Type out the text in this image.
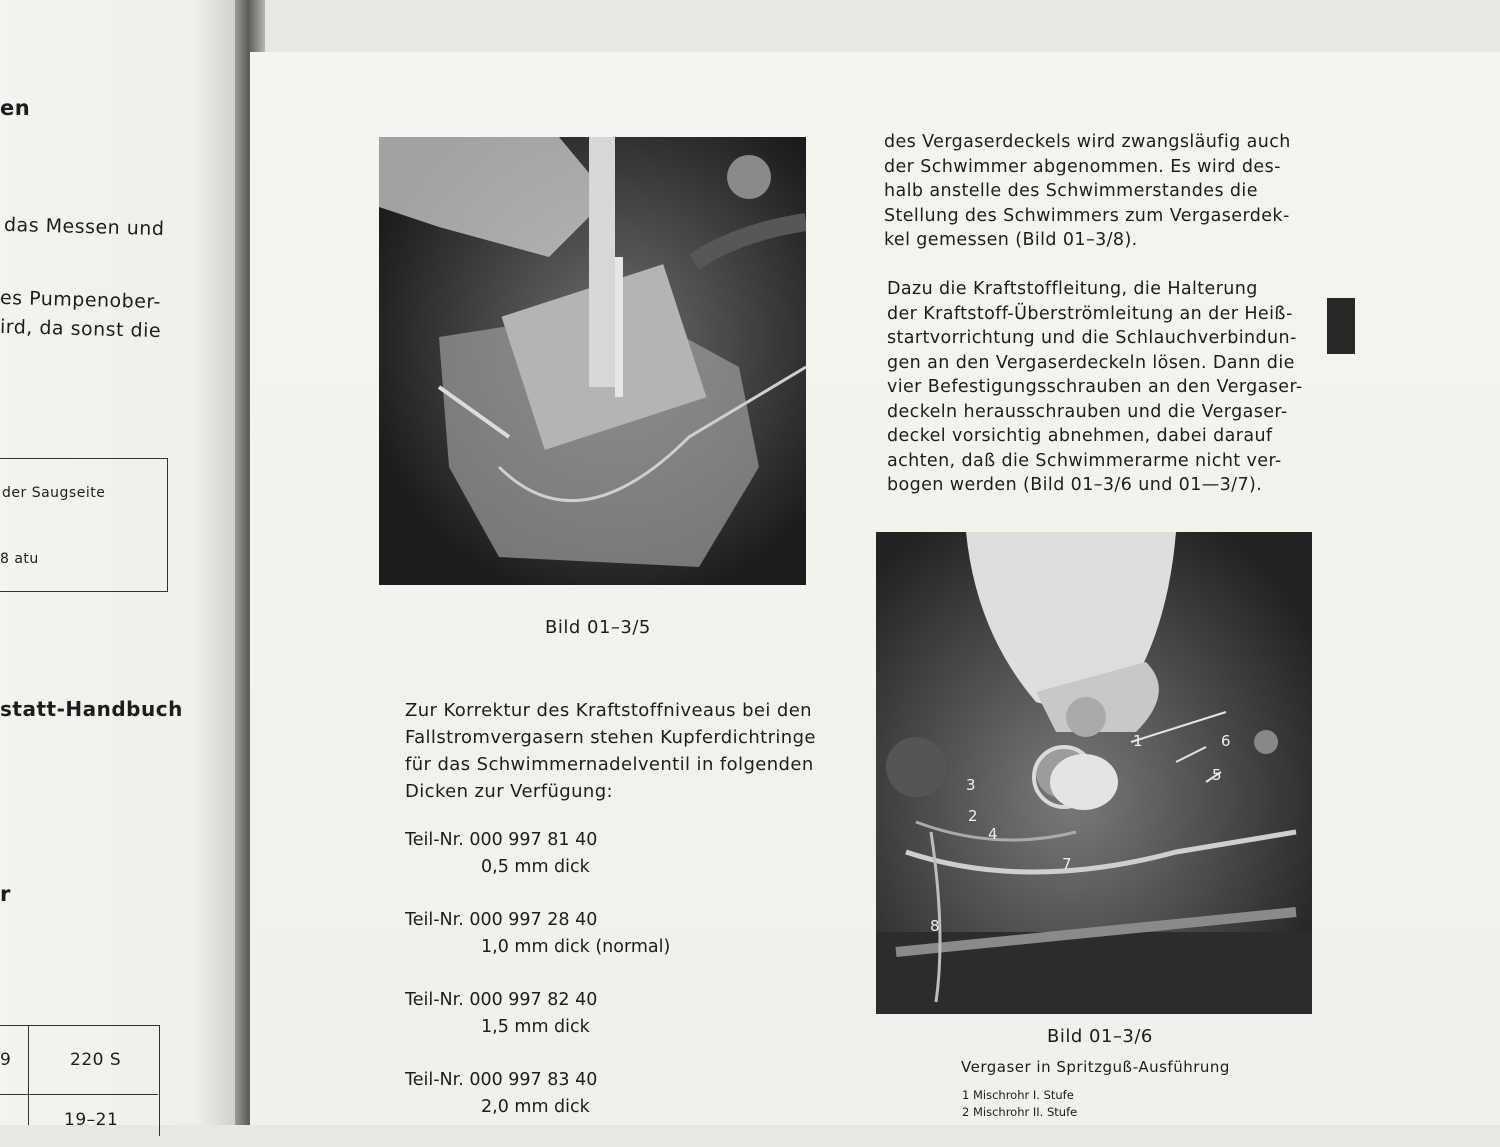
en
das Messen und
es Pumpenober-
ird, da sonst die
der Saugseite
8 atu
statt-Handbuch
r
9	220 S
19–21
Bild 01–3/5
Zur Korrektur des Kraftstoffniveaus bei den
Fallstromvergasern stehen Kupferdichtringe
für das Schwimmernadelventil in folgenden
Dicken zur Verfügung:
Teil-Nr. 000 997 81 40
0,5 mm dick
Teil-Nr. 000 997 28 40
1,0 mm dick (normal)
Teil-Nr. 000 997 82 40
1,5 mm dick
Teil-Nr. 000 997 83 40
2,0 mm dick
des Vergaserdeckels wird zwangsläufig auch
der Schwimmer abgenommen. Es wird des-
halb anstelle des Schwimmerstandes die
Stellung des Schwimmers zum Vergaserdek-
kel gemessen (Bild 01–3/8).
Dazu die Kraftstoffleitung, die Halterung
der Kraftstoff-Überströmleitung an der Heiß-
startvorrichtung und die Schlauchverbindun-
gen an den Vergaserdeckeln lösen. Dann die
vier Befestigungsschrauben an den Vergaser-
deckeln herausschrauben und die Vergaser-
deckel vorsichtig abnehmen, dabei darauf
achten, daß die Schwimmerarme nicht ver-
bogen werden (Bild 01–3/6 und 01—3/7).
1
2
3
4
5
6
7
8
Bild 01–3/6
Vergaser in Spritzguß-Ausführung
1 Mischrohr I. Stufe
2 Mischrohr II. Stufe
